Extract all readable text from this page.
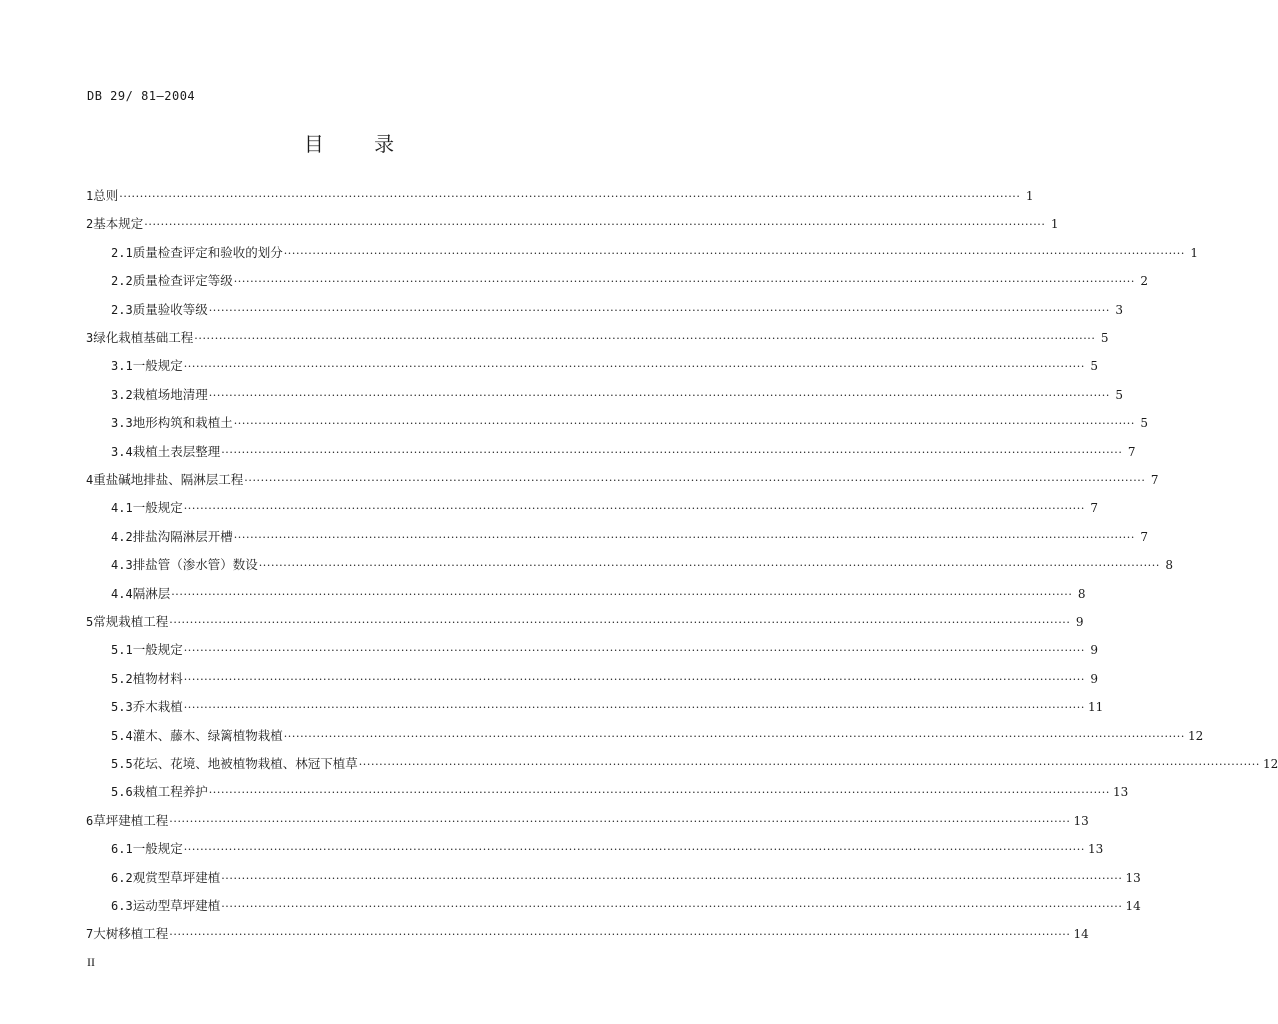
DB 29/ 81—2004
目 录
1 总则 ···························································································································································································································· 1
2 基本规定 ···························································································································································································································· 1
2.1 质量检查评定和验收的划分 ···························································································································································································································· 1
2.2 质量检查评定等级 ···························································································································································································································· 2
2.3 质量验收等级 ···························································································································································································································· 3
3 绿化栽植基础工程 ···························································································································································································································· 5
3.1 一般规定 ···························································································································································································································· 5
3.2 栽植场地清理 ···························································································································································································································· 5
3.3 地形构筑和栽植土 ···························································································································································································································· 5
3.4 栽植土表层整理 ···························································································································································································································· 7
4 重盐碱地排盐、隔淋层工程 ···························································································································································································································· 7
4.1 一般规定 ···························································································································································································································· 7
4.2 排盐沟隔淋层开槽 ···························································································································································································································· 7
4.3 排盐管（渗水管）数设 ···························································································································································································································· 8
4.4 隔淋层 ···························································································································································································································· 8
5 常规栽植工程 ···························································································································································································································· 9
5.1 一般规定 ···························································································································································································································· 9
5.2 植物材料 ···························································································································································································································· 9
5.3 乔木栽植 ···························································································································································································································· 11
5.4 灌木、藤木、绿篱植物栽植 ···························································································································································································································· 12
5.5 花坛、花境、地被植物栽植、林冠下植草 ···························································································································································································································· 12
5.6 栽植工程养护 ···························································································································································································································· 13
6 草坪建植工程 ···························································································································································································································· 13
6.1 一般规定 ···························································································································································································································· 13
6.2 观赏型草坪建植 ···························································································································································································································· 13
6.3 运动型草坪建植 ···························································································································································································································· 14
7 大树移植工程 ···························································································································································································································· 14
II
